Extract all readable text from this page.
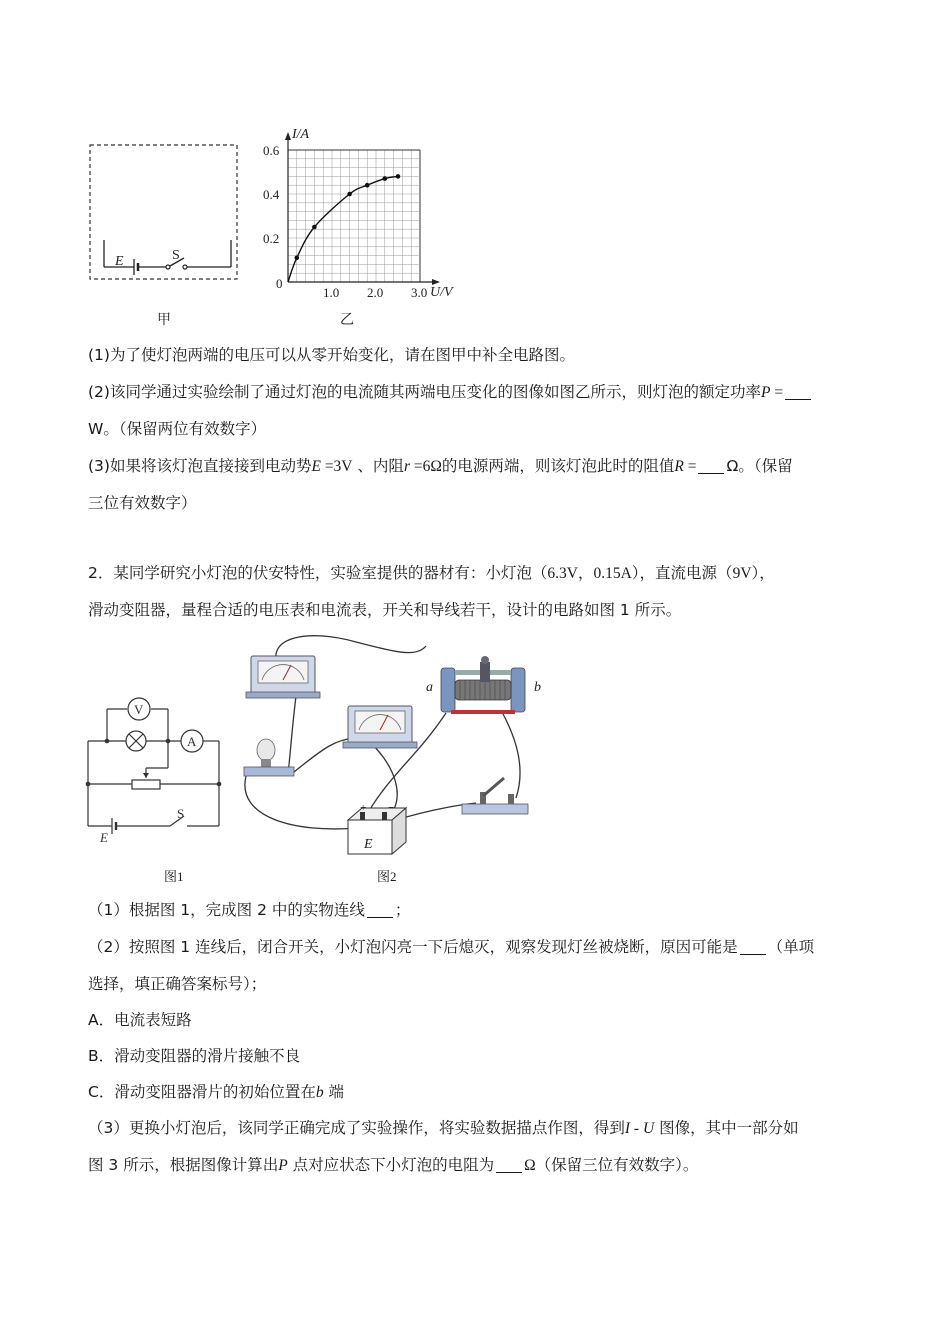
E	S
甲
1.0 2.0 3.0
0.2
0.4
0.6
I/A
U/V
0
乙
(1)为了使灯泡两端的电压可以从零开始变化，请在图甲中补全电路图。
(2)该同学通过实验绘制了通过灯泡的电流随其两端电压变化的图像如图乙所示，则灯泡的额定功率P =
W。（保留两位有效数字）
(3)如果将该灯泡直接接到电动势E =3V 、内阻r =6Ω的电源两端，则该灯泡此时的阻值R = Ω。（保留
三位有效数字）
2．某同学研究小灯泡的伏安特性，实验室提供的器材有：小灯泡（6.3V，0.15A），直流电源（9V），
滑动变阻器，量程合适的电压表和电流表，开关和导线若干，设计的电路如图 1 所示。
V
A
E
S
图1
a	b
+ −
E
图2
（1）根据图 1，完成图 2 中的实物连线 ；
（2）按照图 1 连线后，闭合开关，小灯泡闪亮一下后熄灭，观察发现灯丝被烧断，原因可能是 （单项
选择，填正确答案标号）；
A．电流表短路
B．滑动变阻器的滑片接触不良
C．滑动变阻器滑片的初始位置在b 端
（3）更换小灯泡后，该同学正确完成了实验操作，将实验数据描点作图，得到I - U 图像，其中一部分如
图 3 所示，根据图像计算出P 点对应状态下小灯泡的电阻为 Ω（保留三位有效数字）。
